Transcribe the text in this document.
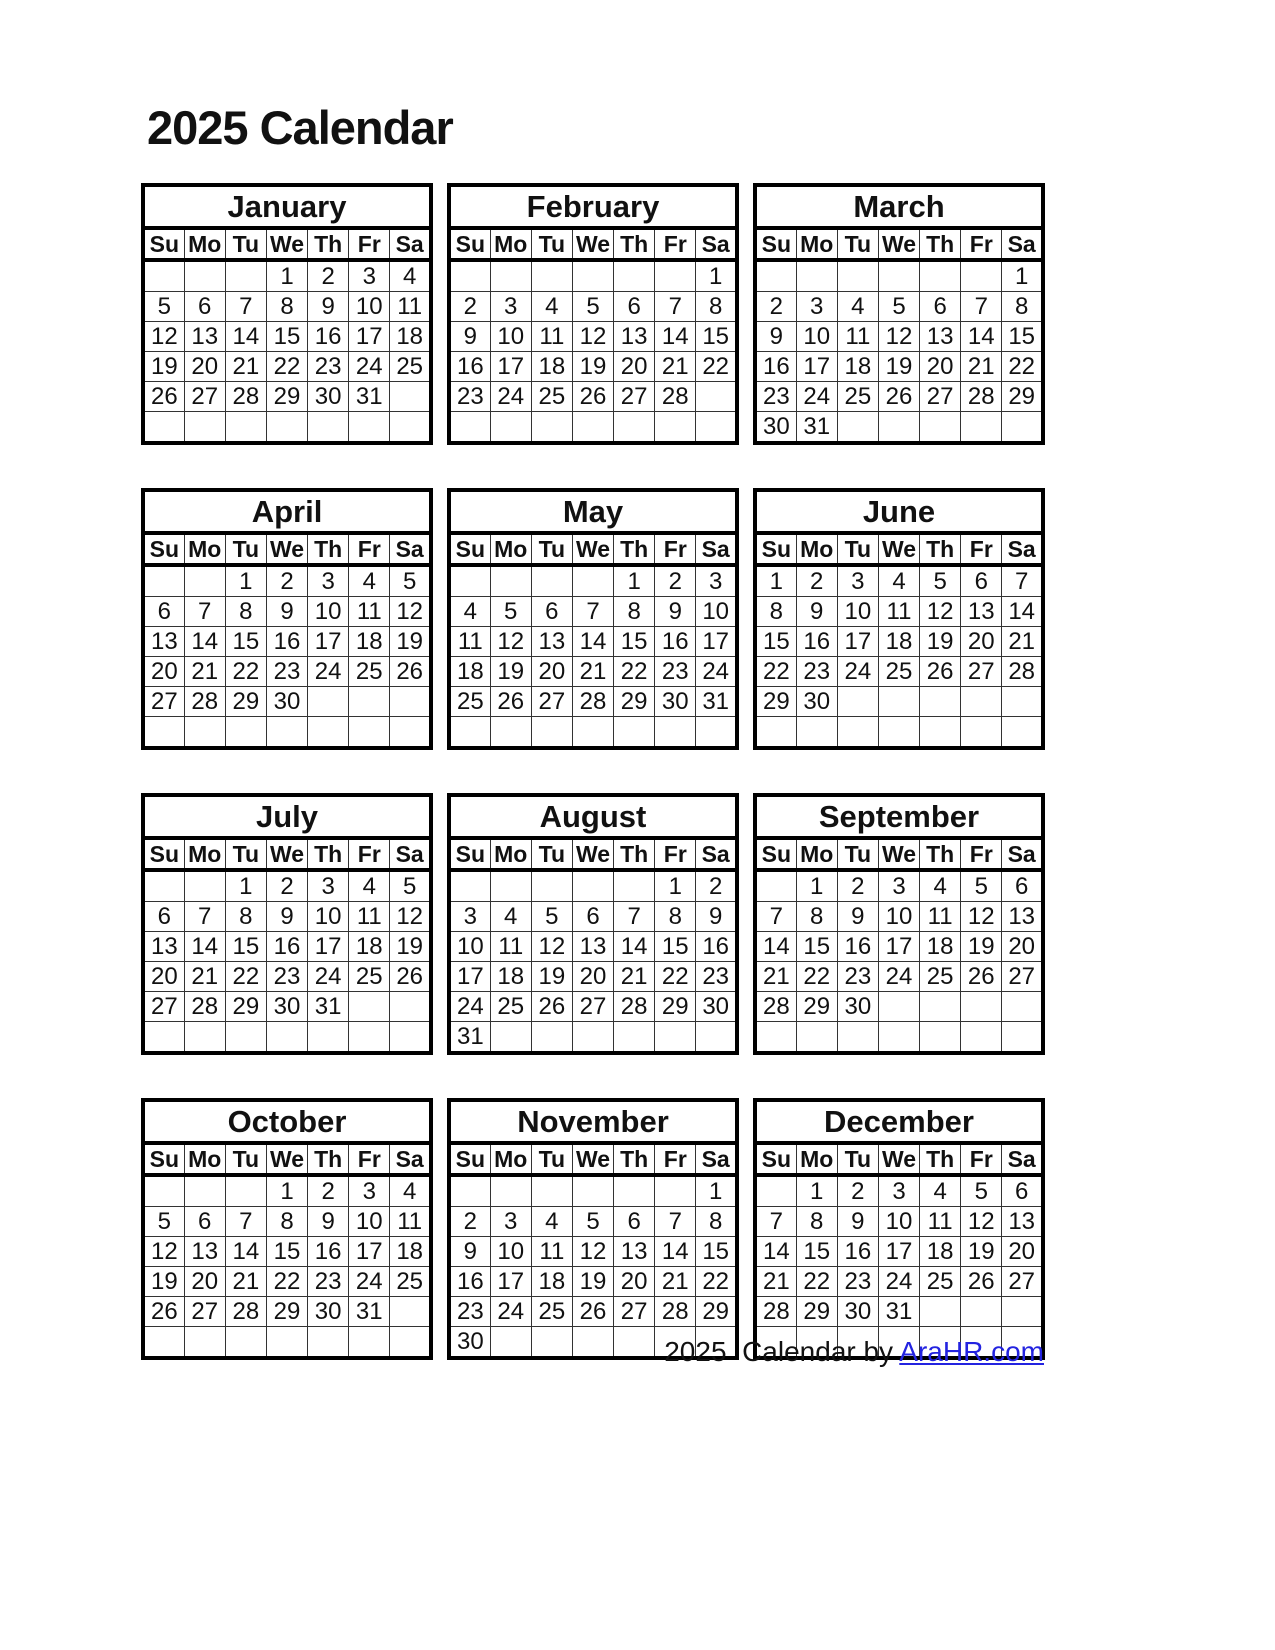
2025 Calendar
January						
Su	Mo	Tu	We	Th	Fr	Sa
			1	2	3	4
5	6	7	8	9	10	11
12	13	14	15	16	17	18
19	20	21	22	23	24	25
26	27	28	29	30	31	

February						
Su	Mo	Tu	We	Th	Fr	Sa
						1
2	3	4	5	6	7	8
9	10	11	12	13	14	15
16	17	18	19	20	21	22
23	24	25	26	27	28	

March						
Su	Mo	Tu	We	Th	Fr	Sa
						1
2	3	4	5	6	7	8
9	10	11	12	13	14	15
16	17	18	19	20	21	22
23	24	25	26	27	28	29
30	31					
April						
Su	Mo	Tu	We	Th	Fr	Sa
		1	2	3	4	5
6	7	8	9	10	11	12
13	14	15	16	17	18	19
20	21	22	23	24	25	26
27	28	29	30			

May						
Su	Mo	Tu	We	Th	Fr	Sa
				1	2	3
4	5	6	7	8	9	10
11	12	13	14	15	16	17
18	19	20	21	22	23	24
25	26	27	28	29	30	31

June						
Su	Mo	Tu	We	Th	Fr	Sa
1	2	3	4	5	6	7
8	9	10	11	12	13	14
15	16	17	18	19	20	21
22	23	24	25	26	27	28
29	30					

July						
Su	Mo	Tu	We	Th	Fr	Sa
		1	2	3	4	5
6	7	8	9	10	11	12
13	14	15	16	17	18	19
20	21	22	23	24	25	26
27	28	29	30	31		

August						
Su	Mo	Tu	We	Th	Fr	Sa
					1	2
3	4	5	6	7	8	9
10	11	12	13	14	15	16
17	18	19	20	21	22	23
24	25	26	27	28	29	30
31						
September						
Su	Mo	Tu	We	Th	Fr	Sa
	1	2	3	4	5	6
7	8	9	10	11	12	13
14	15	16	17	18	19	20
21	22	23	24	25	26	27
28	29	30				

October						
Su	Mo	Tu	We	Th	Fr	Sa
			1	2	3	4
5	6	7	8	9	10	11
12	13	14	15	16	17	18
19	20	21	22	23	24	25
26	27	28	29	30	31	

November						
Su	Mo	Tu	We	Th	Fr	Sa
						1
2	3	4	5	6	7	8
9	10	11	12	13	14	15
16	17	18	19	20	21	22
23	24	25	26	27	28	29
30						
December						
Su	Mo	Tu	We	Th	Fr	Sa
	1	2	3	4	5	6
7	8	9	10	11	12	13
14	15	16	17	18	19	20
21	22	23	24	25	26	27
28	29	30	31			

2025  Calendar by AraHR.com
